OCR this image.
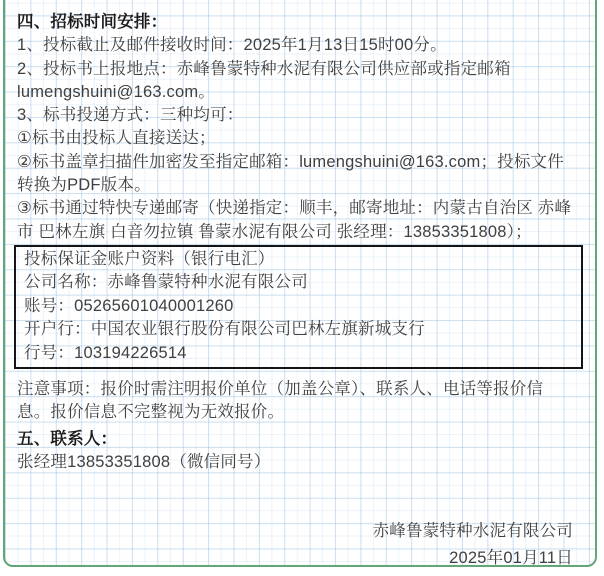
四、招标时间安排：
1、投标截止及邮件接收时间：2025年1月13日15时00分。
2、投标书上报地点：赤峰鲁蒙特种水泥有限公司供应部或指定邮箱
lumengshuini@163.com。
3、标书投递方式：三种均可：
①标书由投标人直接送达；
②标书盖章扫描件加密发至指定邮箱：lumengshuini@163.com；投标文件
转换为PDF版本。
③标书通过特快专递邮寄（快递指定：顺丰，邮寄地址：内蒙古自治区 赤峰
市 巴林左旗 白音勿拉镇 鲁蒙水泥有限公司 张经理：13853351808）；
投标保证金账户资料（银行电汇）
公司名称：赤峰鲁蒙特种水泥有限公司
账号：05265601040001260
开户行：中国农业银行股份有限公司巴林左旗新城支行
行号：103194226514
注意事项：报价时需注明报价单位（加盖公章）、联系人、电话等报价信
息。报价信息不完整视为无效报价。
五、联系人：
张经理13853351808（微信同号）
赤峰鲁蒙特种水泥有限公司
2025年01月11日
